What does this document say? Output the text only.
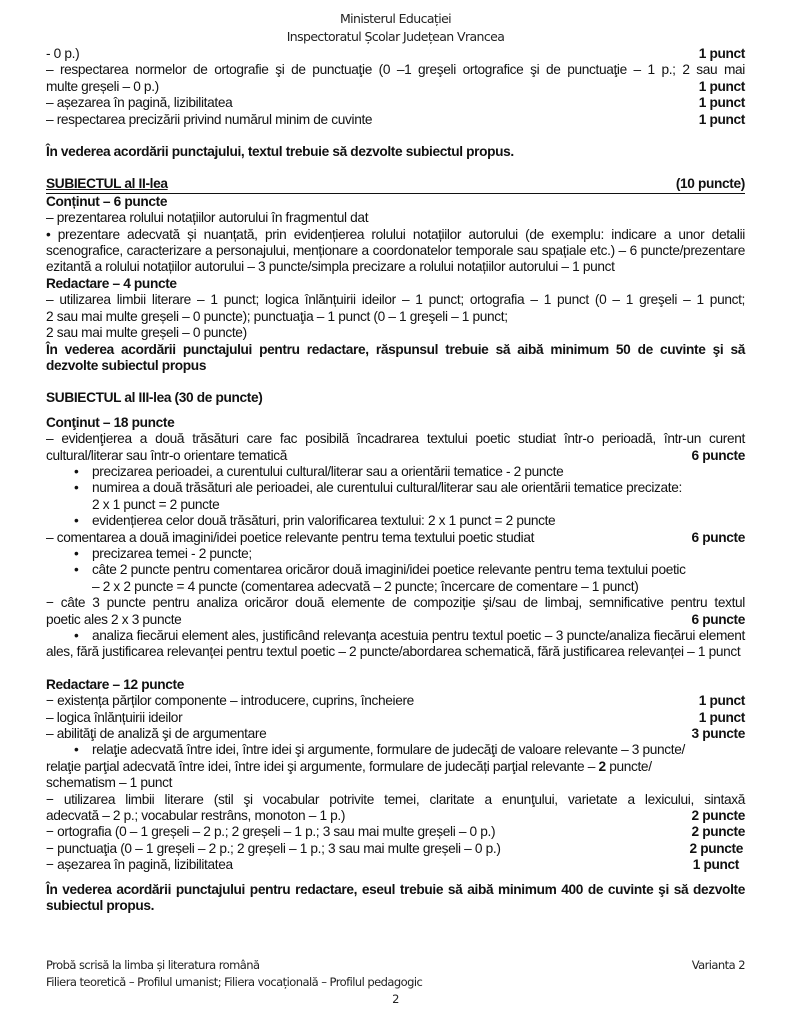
Ministerul Educației
Inspectoratul Școlar Județean Vrancea
- 0 p.)	1 punct
– respectarea normelor de ortografie şi de punctuaţie (0 –1 greşeli ortografice şi de punctuaţie – 1 p.; 2 sau mai
multe greșeli – 0 p.)	1 punct
– așezarea în pagină, lizibilitatea	1 punct
– respectarea precizării privind numărul minim de cuvinte	1 punct
În vederea acordării punctajului, textul trebuie să dezvolte subiectul propus.
SUBIECTUL al II-lea	(10 puncte)
Conținut – 6 puncte
– prezentarea rolului notațiilor autorului în fragmentul dat
• prezentare adecvată și nuanțată, prin evidențierea rolului notațiilor autorului (de exemplu: indicare a unor detalii scenografice, caracterizare a personajului, menționare a coordonatelor temporale sau spațiale etc.) – 6 puncte/prezentare ezitantă a rolului notațiilor autorului – 3 puncte/simpla precizare a rolului notațiilor autorului – 1 punct
Redactare – 4 puncte
– utilizarea limbii literare – 1 punct; logica înlănțuirii ideilor – 1 punct; ortografia – 1 punct (0 – 1 greşeli – 1 punct;
2 sau mai multe greșeli – 0 puncte); punctuaţia – 1 punct (0 – 1 greşeli – 1 punct;
2 sau mai multe greșeli – 0 puncte)
În vederea acordării punctajului pentru redactare, răspunsul trebuie să aibă minimum 50 de cuvinte şi să dezvolte subiectul propus
SUBIECTUL al III-lea (30 de puncte)
Conţinut – 18 puncte
– evidenţierea a două trăsături care fac posibilă încadrarea textului poetic studiat într-o perioadă, într-un curent
cultural/literar sau într-o orientare tematică	6 puncte
• precizarea perioadei, a curentului cultural/literar sau a orientării tematice - 2 puncte
• numirea a două trăsături ale perioadei, ale curentului cultural/literar sau ale orientării tematice precizate:
2 x 1 punct = 2 puncte
• evidențierea celor două trăsături, prin valorificarea textului: 2 x 1 punct = 2 puncte
– comentarea a două imagini/idei poetice relevante pentru tema textului poetic studiat	6 puncte
• precizarea temei - 2 puncte;
• câte 2 puncte pentru comentarea oricăror două imagini/idei poetice relevante pentru tema textului poetic
– 2 x 2 puncte = 4 puncte (comentarea adecvată – 2 puncte; încercare de comentare – 1 punct)
− câte 3 puncte pentru analiza oricăror două elemente de compoziție şi/sau de limbaj, semnificative pentru textul
poetic ales 2 x 3 puncte	6 puncte
• analiza fiecărui element ales, justificând relevanța acestuia pentru textul poetic – 3 puncte/analiza fiecărui element ales, fără justificarea relevanței pentru textul poetic – 2 puncte/abordarea schematică, fără justificarea relevanței – 1 punct
Redactare – 12 puncte
− existența părților componente – introducere, cuprins, încheiere	1 punct
– logica înlănțuirii ideilor	1 punct
– abilităţi de analiză şi de argumentare	3 puncte
• relaţie adecvată între idei, între idei şi argumente, formulare de judecăţi de valoare relevante – 3 puncte/
relaţie parţial adecvată între idei, între idei şi argumente, formulare de judecăți parţial relevante – 2 puncte/
schematism – 1 punct
− utilizarea limbii literare (stil şi vocabular potrivite temei, claritate a enunţului, varietate a lexicului, sintaxă
adecvată – 2 p.; vocabular restrâns, monoton – 1 p.)	2 puncte
− ortografia (0 – 1 greșeli – 2 p.; 2 greșeli – 1 p.; 3 sau mai multe greșeli – 0 p.)	2 puncte
− punctuaţia (0 – 1 greșeli – 2 p.; 2 greșeli – 1 p.; 3 sau mai multe greșeli – 0 p.)	2 puncte
− așezarea în pagină, lizibilitatea	1 punct
În vederea acordării punctajului pentru redactare, eseul trebuie să aibă minimum 400 de cuvinte şi să dezvolte subiectul propus.
Probă scrisă la limba și literatura română	Varianta 2
Filiera teoretică – Profilul umanist; Filiera vocațională – Profilul pedagogic
2
